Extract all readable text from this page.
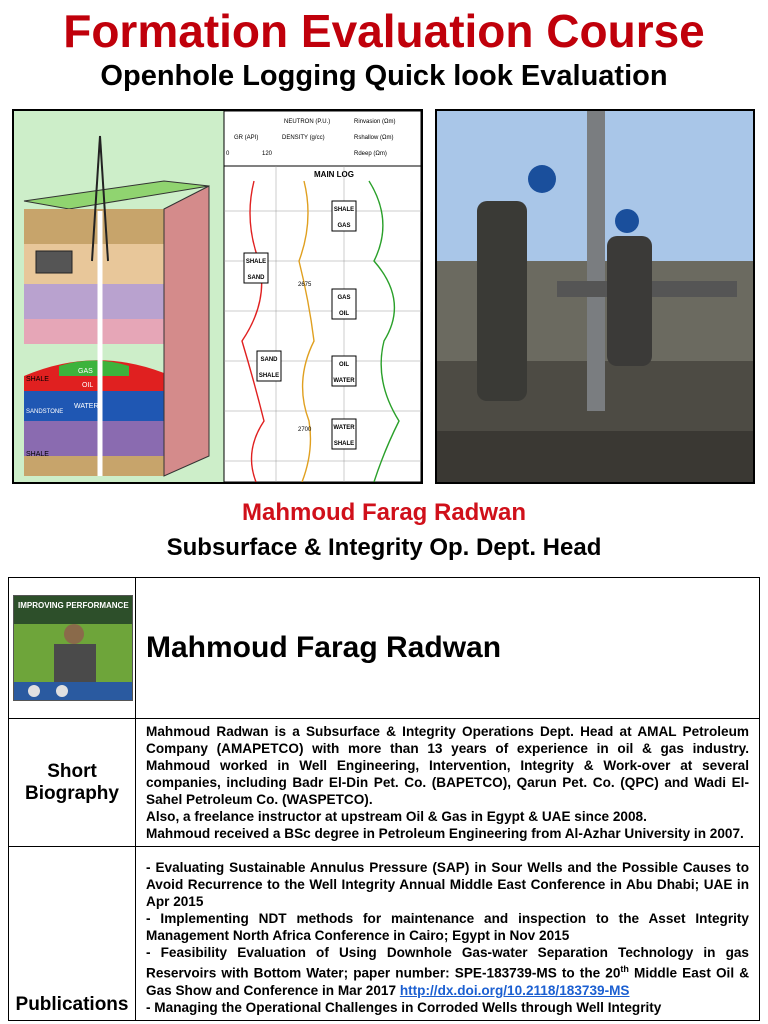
Formation Evaluation Course
Openhole Logging Quick look Evaluation
SHALE
GAS
OIL
SANDSTONE
WATER
SHALE
GR (API)
0	120
NEUTRON (P.U.)
DENSITY (g/cc)
Rinvasion (Ωm)
Rshallow (Ωm)
Rdeep (Ωm)
MAIN LOG
SHALE
GAS
SHALE
SAND
GAS
OIL
SAND
SHALE
OIL
WATER
WATER
SHALE
2675
2700
Mahmoud Farag Radwan
Subsurface & Integrity Op. Dept. Head
IMPROVING PERFORMANCE	Mahmoud Farag Radwan
Short Biography	Mahmoud Radwan is a Subsurface & Integrity Operations Dept. Head at AMAL Petroleum Company (AMAPETCO) with more than 13 years of experience in oil & gas industry. Mahmoud worked in Well Engineering, Intervention, Integrity & Work-over at several companies, including Badr El-Din Pet. Co. (BAPETCO), Qarun Pet. Co. (QPC) and Wadi El-Sahel Petroleum Co. (WASPETCO).
Also, a freelance instructor at upstream Oil & Gas in Egypt & UAE since 2008.
Mahmoud received a BSc degree in Petroleum Engineering from Al-Azhar University in 2007.

Publications	- Evaluating Sustainable Annulus Pressure (SAP) in Sour Wells and the Possible Causes to Avoid Recurrence to the Well Integrity Annual Middle East Conference in Abu Dhabi; UAE in Apr 2015
- Implementing NDT methods for maintenance and inspection to the Asset Integrity Management North Africa Conference in Cairo; Egypt in Nov 2015
- Feasibility Evaluation of Using Downhole Gas-water Separation Technology in gas Reservoirs with Bottom Water; paper number: SPE-183739-MS to the 20th Middle East Oil & Gas Show and Conference in Mar 2017 http://dx.doi.org/10.2118/183739-MS
- Managing the Operational Challenges in Corroded Wells through Well Integrity
